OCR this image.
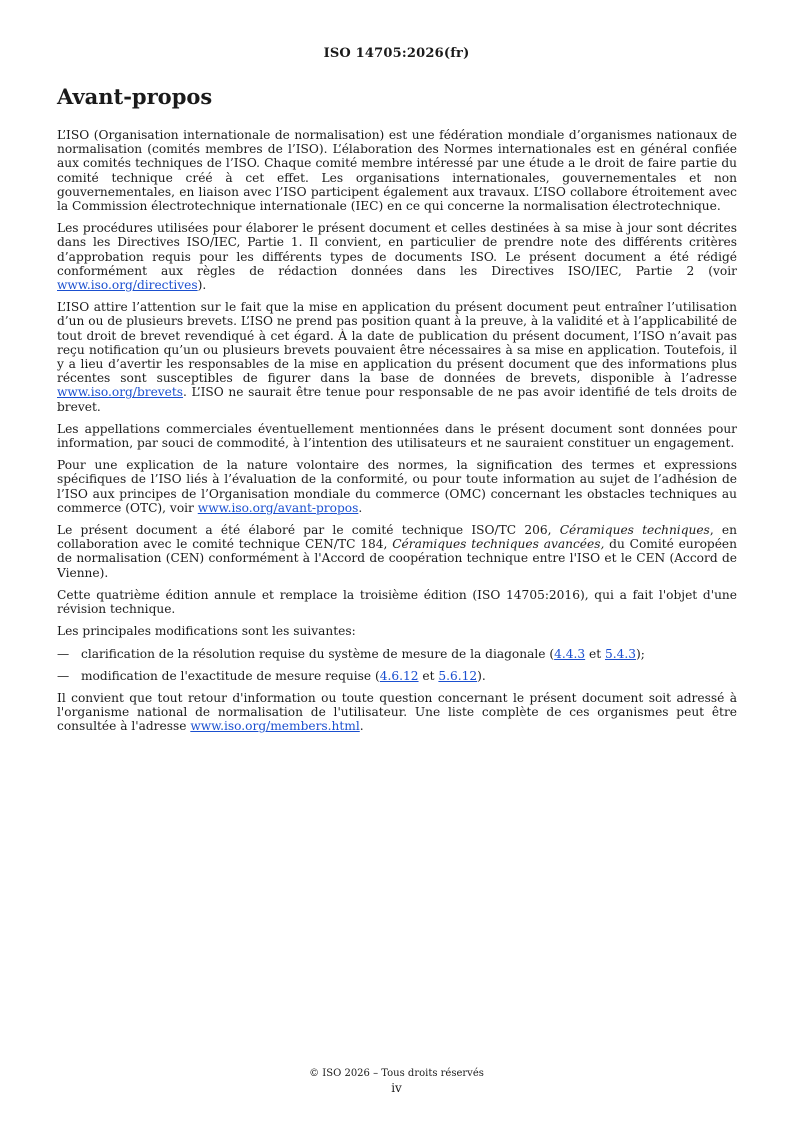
ISO 14705:2026(fr)
Avant-propos

L’ISO (Organisation internationale de normalisation) est une fédération mondiale d’organismes nationaux de normalisation (comités membres de l’ISO). L’élaboration des Normes internationales est en général confiée aux comités techniques de l’ISO. Chaque comité membre intéressé par une étude a le droit de faire partie du comité technique créé à cet effet. Les organisations internationales, gouvernementales et non gouvernementales, en liaison avec l’ISO participent également aux travaux. L’ISO collabore étroitement avec la Commission électrotechnique internationale (IEC) en ce qui concerne la normalisation électrotechnique.

Les procédures utilisées pour élaborer le présent document et celles destinées à sa mise à jour sont décrites dans les Directives ISO/IEC, Partie 1. Il convient, en particulier de prendre note des différents critères d’approbation requis pour les différents types de documents ISO. Le présent document a été rédigé conformément aux règles de rédaction données dans les Directives ISO/IEC, Partie 2 (voir www.iso.org/directives).

L’ISO attire l’attention sur le fait que la mise en application du présent document peut entraîner l’utilisation d’un ou de plusieurs brevets. L’ISO ne prend pas position quant à la preuve, à la validité et à l’applicabilité de tout droit de brevet revendiqué à cet égard. À la date de publication du présent document, l’ISO n’avait pas reçu notification qu’un ou plusieurs brevets pouvaient être nécessaires à sa mise en application. Toutefois, il y a lieu d’avertir les responsables de la mise en application du présent document que des informations plus récentes sont susceptibles de figurer dans la base de données de brevets, disponible à l’adresse www.iso.org/brevets. L’ISO ne saurait être tenue pour responsable de ne pas avoir identifié de tels droits de brevet.

Les appellations commerciales éventuellement mentionnées dans le présent document sont données pour information, par souci de commodité, à l’intention des utilisateurs et ne sauraient constituer un engagement.

Pour une explication de la nature volontaire des normes, la signification des termes et expressions spécifiques de l’ISO liés à l’évaluation de la conformité, ou pour toute information au sujet de l’adhésion de l’ISO aux principes de l’Organisation mondiale du commerce (OMC) concernant les obstacles techniques au commerce (OTC), voir www.iso.org/avant-propos.

Le présent document a été élaboré par le comité technique ISO/TC 206, Céramiques techniques, en collaboration avec le comité technique CEN/TC 184, Céramiques techniques avancées, du Comité européen de normalisation (CEN) conformément à l'Accord de coopération technique entre l'ISO et le CEN (Accord de Vienne).

Cette quatrième édition annule et remplace la troisième édition (ISO 14705:2016), qui a fait l'objet d'une révision technique.

Les principales modifications sont les suivantes:

— clarification de la résolution requise du système de mesure de la diagonale (4.4.3 et 5.4.3);
— modification de l'exactitude de mesure requise (4.6.12 et 5.6.12).

Il convient que tout retour d'information ou toute question concernant le présent document soit adressé à l'organisme national de normalisation de l'utilisateur. Une liste complète de ces organismes peut être consultée à l'adresse www.iso.org/members.html.

© ISO 2026 – Tous droits réservés
iv
